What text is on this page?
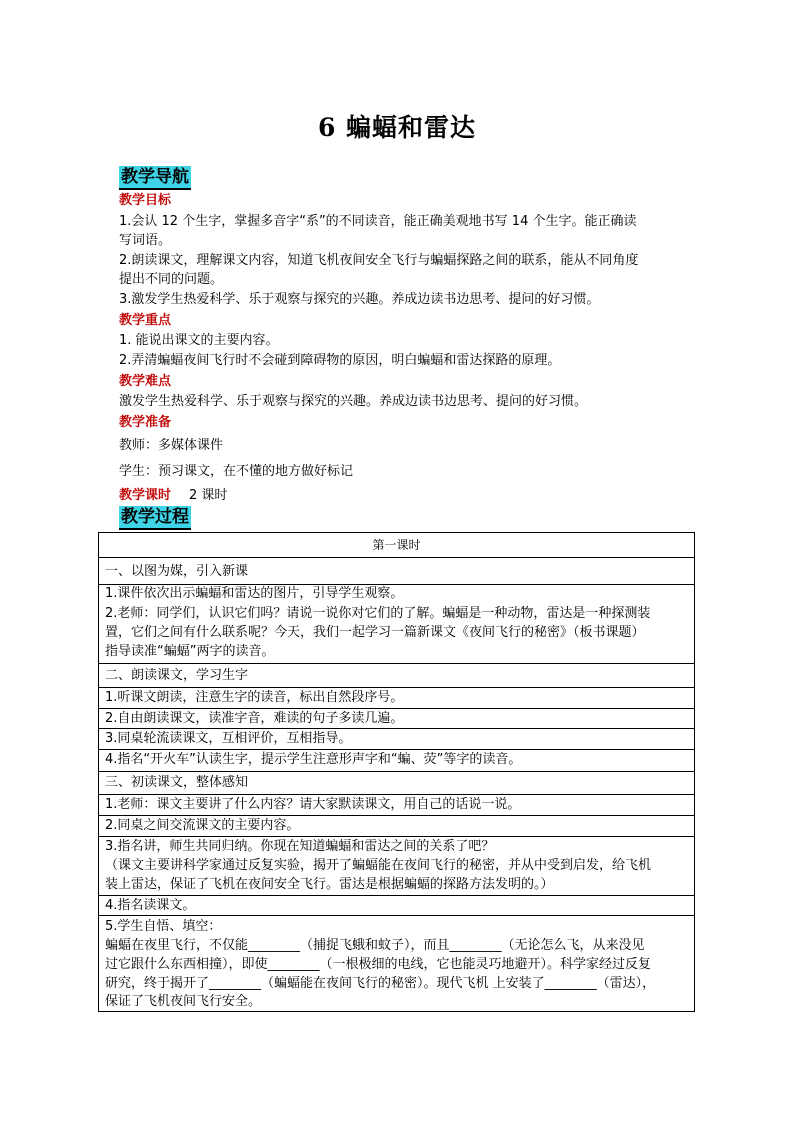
6 蝙蝠和雷达
教学导航
教学目标
1.会认 12 个生字，掌握多音字“系”的不同读音，能正确美观地书写 14 个生字。能正确读
写词语。
2.朗读课文，理解课文内容，知道飞机夜间安全飞行与蝙蝠探路之间的联系，能从不同角度
提出不同的问题。
3.激发学生热爱科学、乐于观察与探究的兴趣。养成边读书边思考、提问的好习惯。
教学重点
1. 能说出课文的主要内容。
2.弄清蝙蝠夜间飞行时不会碰到障碍物的原因，明白蝙蝠和雷达探路的原理。
教学难点
激发学生热爱科学、乐于观察与探究的兴趣。养成边读书边思考、提问的好习惯。
教学准备
教师：多媒体课件
学生：预习课文，在不懂的地方做好标记
教学课时 2 课时
教学过程
第一课时
一、以图为媒，引入新课
1.课件依次出示蝙蝠和雷达的图片，引导学生观察。
2.老师：同学们，认识它们吗？请说一说你对它们的了解。蝙蝠是一种动物，雷达是一种探测装
置，它们之间有什么联系呢？今天，我们一起学习一篇新课文《夜间飞行的秘密》（板书课题）
指导读准“蝙蝠”两字的读音。
二、朗读课文，学习生字
1.听课文朗读，注意生字的读音，标出自然段序号。
2.自由朗读课文，读准字音，难读的句子多读几遍。
3.同桌轮流读课文，互相评价，互相指导。
4.指名“开火车”认读生字，提示学生注意形声字和“蝙、荧”等字的读音。
三、初读课文，整体感知
1.老师：课文主要讲了什么内容？请大家默读课文，用自己的话说一说。
2.同桌之间交流课文的主要内容。
3.指名讲，师生共同归纳。你现在知道蝙蝠和雷达之间的关系了吧？
（课文主要讲科学家通过反复实验，揭开了蝙蝠能在夜间飞行的秘密，并从中受到启发，给飞机
装上雷达，保证了飞机在夜间安全飞行。雷达是根据蝙蝠的探路方法发明的。）
4.指名读课文。
5.学生自悟、填空：
蝙蝠在夜里飞行，不仅能________（捕捉飞蛾和蚊子），而且________（无论怎么飞，从来没见
过它跟什么东西相撞），即使________（一根极细的电线，它也能灵巧地避开）。科学家经过反复
研究，终于揭开了________（蝙蝠能在夜间飞行的秘密）。现代飞机 上安装了________（雷达），
保证了飞机夜间飞行安全。
